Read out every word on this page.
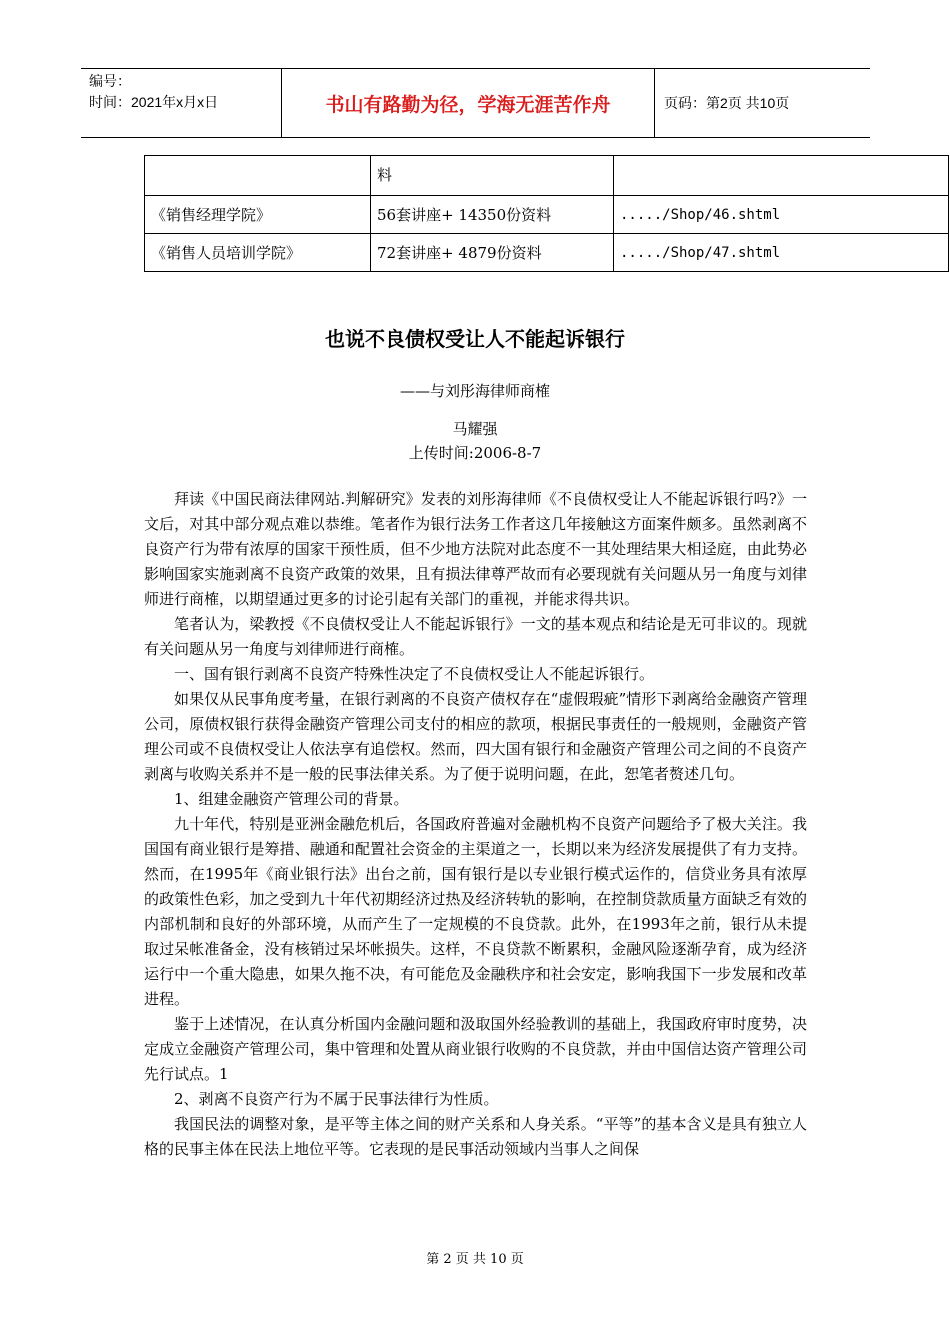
编号：
时间：2021年x月x日	书山有路勤为径，学海无涯苦作舟	页码：第2页 共10页
	料	
《销售经理学院》	56套讲座+ 14350份资料	...../Shop/46.shtml
《销售人员培训学院》	72套讲座+ 4879份资料	...../Shop/47.shtml
也说不良债权受让人不能起诉银行
——与刘彤海律师商榷
马耀强
上传时间:2006-8-7

拜读《中国民商法律网站.判解研究》发表的刘彤海律师《不良债权受让人不能起诉银行吗?》一文后，对其中部分观点难以恭维。笔者作为银行法务工作者这几年接触这方面案件颇多。虽然剥离不良资产行为带有浓厚的国家干预性质，但不少地方法院对此态度不一其处理结果大相迳庭，由此势必影响国家实施剥离不良资产政策的效果，且有损法律尊严故而有必要现就有关问题从另一角度与刘律师进行商榷，以期望通过更多的讨论引起有关部门的重视，并能求得共识。

笔者认为，梁教授《不良债权受让人不能起诉银行》一文的基本观点和结论是无可非议的。现就有关问题从另一角度与刘律师进行商榷。

一、国有银行剥离不良资产特殊性决定了不良债权受让人不能起诉银行。

如果仅从民事角度考量，在银行剥离的不良资产债权存在“虚假瑕疵”情形下剥离给金融资产管理公司，原债权银行获得金融资产管理公司支付的相应的款项，根据民事责任的一般规则，金融资产管理公司或不良债权受让人依法享有追偿权。然而，四大国有银行和金融资产管理公司之间的不良资产剥离与收购关系并不是一般的民事法律关系。为了便于说明问题，在此，恕笔者赘述几句。

1、组建金融资产管理公司的背景。

九十年代，特别是亚洲金融危机后，各国政府普遍对金融机构不良资产问题给予了极大关注。我国国有商业银行是筹措、融通和配置社会资金的主渠道之一，长期以来为经济发展提供了有力支持。然而，在1995年《商业银行法》出台之前，国有银行是以专业银行模式运作的，信贷业务具有浓厚的政策性色彩，加之受到九十年代初期经济过热及经济转轨的影响，在控制贷款质量方面缺乏有效的内部机制和良好的外部环境，从而产生了一定规模的不良贷款。此外，在1993年之前，银行从未提取过呆帐准备金，没有核销过呆坏帐损失。这样，不良贷款不断累积，金融风险逐渐孕育，成为经济运行中一个重大隐患，如果久拖不决，有可能危及金融秩序和社会安定，影响我国下一步发展和改革进程。

鉴于上述情况，在认真分析国内金融问题和汲取国外经验教训的基础上，我国政府审时度势，决定成立金融资产管理公司，集中管理和处置从商业银行收购的不良贷款，并由中国信达资产管理公司先行试点。1

2、剥离不良资产行为不属于民事法律行为性质。

我国民法的调整对象，是平等主体之间的财产关系和人身关系。“平等”的基本含义是具有独立人格的民事主体在民法上地位平等。它表现的是民事活动领域内当事人之间保

第 2 页 共 10 页
